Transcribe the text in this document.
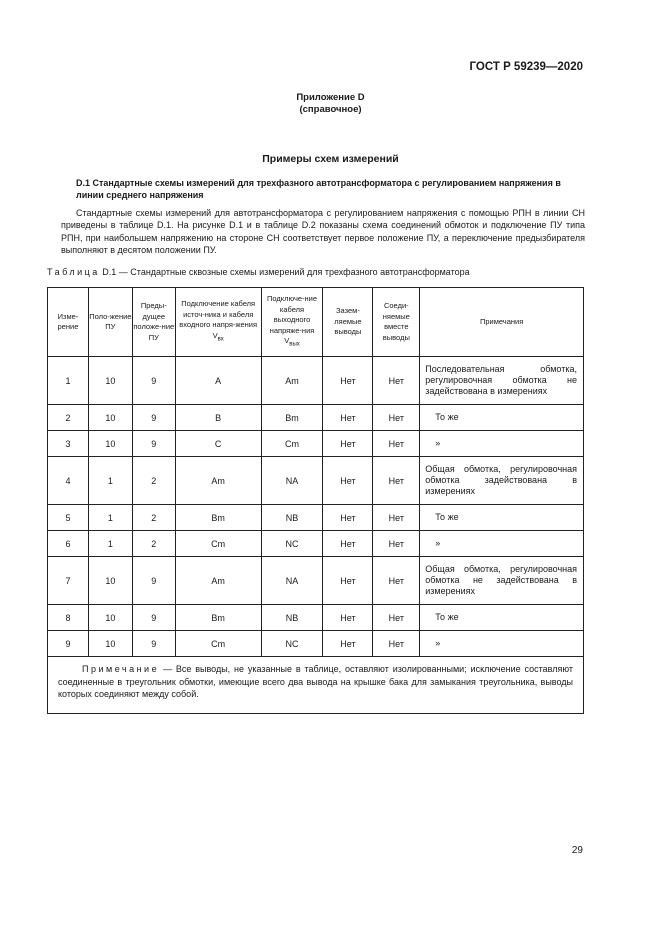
ГОСТ Р 59239—2020
Приложение D
(справочное)
Примеры схем измерений
D.1 Стандартные схемы измерений для трехфазного автотрансформатора с регулированием напряжения в линии среднего напряжения
Стандартные схемы измерений для автотрансформатора с регулированием напряжения с помощью РПН в линии СН приведены в таблице D.1. На рисунке D.1 и в таблице D.2 показаны схема соединений обмоток и подключение ПУ типа РПН, при наибольшем напряжению на стороне СН соответствует первое положение ПУ, а переключение предызбирателя выполняют в десятом положении ПУ.
Таблица D.1 — Стандартные сквозные схемы измерений для трехфазного автотрансформатора
Изме-рение	Поло-жение ПУ	Преды-дущее положе-ние ПУ	Подключение кабеля источ-ника и кабеля входного напря-жения $V_{вх}$	Подключе-ние кабеля выходного напряже-ния $V_{вых}$	Зазем-ляемые выводы	Соеди-няемые вместе выводы	Примечания
1	10	9	A	Am	Нет	Нет	Последовательная обмотка, регулировочная обмотка не задействована в измерениях
2	10	9	B	Bm	Нет	Нет	То же
3	10	9	C	Cm	Нет	Нет	»
4	1	2	Am	NA	Нет	Нет	Общая обмотка, регулировочная обмотка задействована в измерениях
5	1	2	Bm	NB	Нет	Нет	То же
6	1	2	Cm	NC	Нет	Нет	»
7	10	9	Am	NA	Нет	Нет	Общая обмотка, регулировочная обмотка не задействована в измерениях
8	10	9	Bm	NB	Нет	Нет	То же
9	10	9	Cm	NC	Нет	Нет	»
Примечание — Все выводы, не указанные в таблице, оставляют изолированными; исключение составляют соединенные в треугольник обмотки, имеющие всего два вывода на крышке бака для замыкания треугольника, выводы которых соединяют между собой.							
29
